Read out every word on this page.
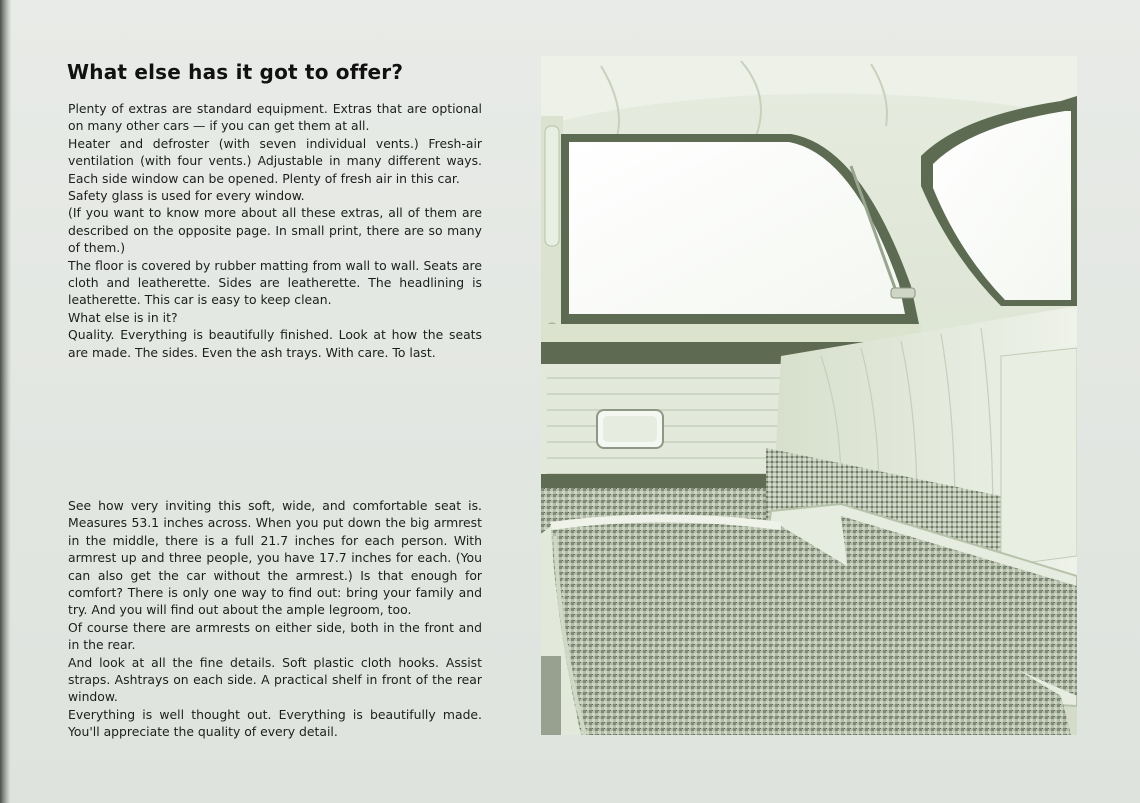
What else has it got to offer?

Plenty of extras are standard equipment. Extras that are optional on many other cars — if you can get them at all.

Heater and defroster (with seven individual vents.) Fresh-air ventilation (with four vents.) Adjustable in many different ways. Each side window can be opened. Plenty of fresh air in this car.

Safety glass is used for every window.

(If you want to know more about all these extras, all of them are described on the opposite page. In small print, there are so many of them.)

The floor is covered by rubber matting from wall to wall. Seats are cloth and leatherette. Sides are leatherette. The headlining is leatherette. This car is easy to keep clean.

What else is in it?

Quality. Everything is beautifully finished. Look at how the seats are made. The sides. Even the ash trays. With care. To last.

See how very inviting this soft, wide, and comfortable seat is. Measures 53.1 inches across. When you put down the big armrest in the middle, there is a full 21.7 inches for each person. With armrest up and three people, you have 17.7 inches for each. (You can also get the car without the armrest.) Is that enough for comfort? There is only one way to find out: bring your family and try. And you will find out about the ample legroom, too.

Of course there are armrests on either side, both in the front and in the rear.

And look at all the fine details. Soft plastic cloth hooks. Assist straps. Ashtrays on each side. A practical shelf in front of the rear window.

Everything is well thought out. Everything is beautifully made. You'll appreciate the quality of every detail.
